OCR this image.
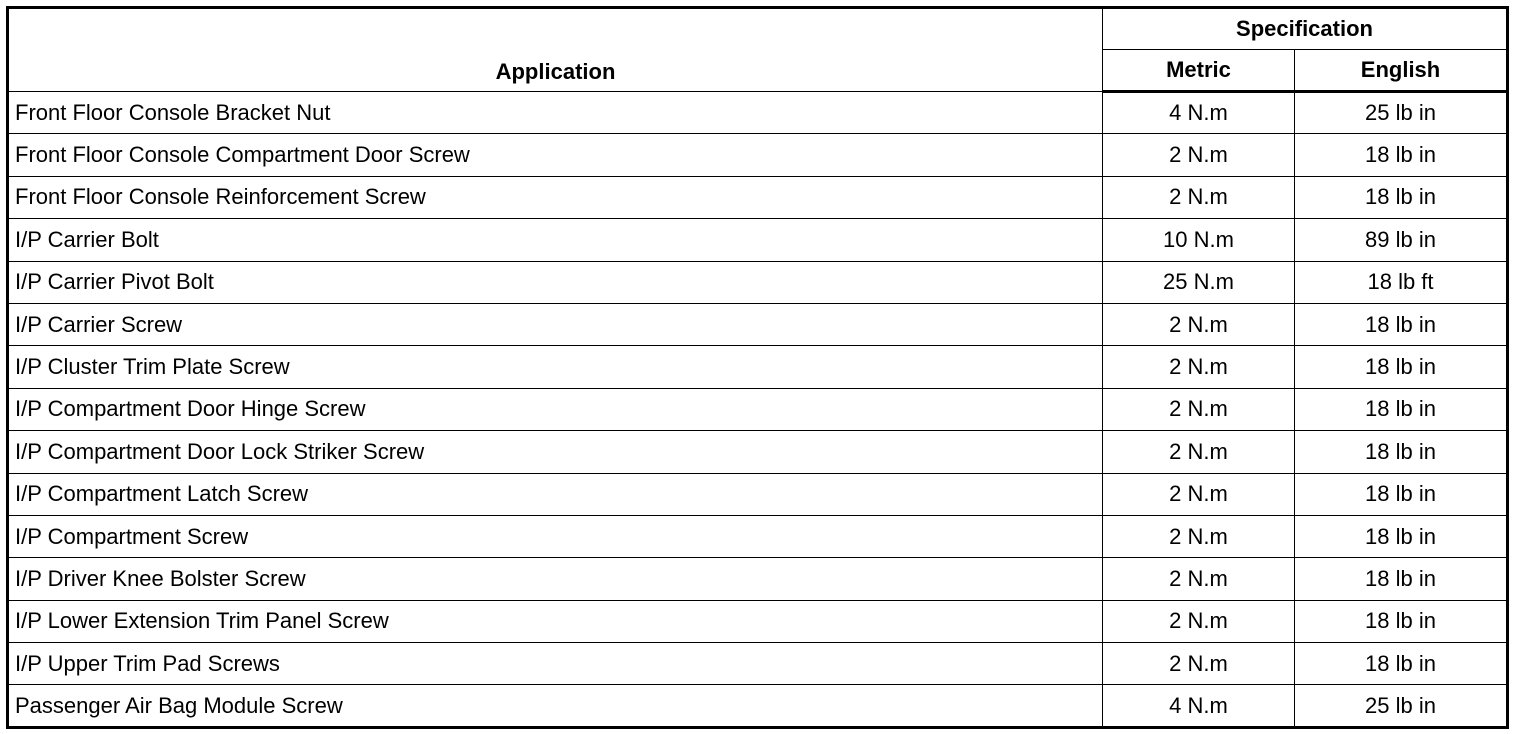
Application	Specification	
	Metric	English
Front Floor Console Bracket Nut	4 N.m	25 lb in
Front Floor Console Compartment Door Screw	2 N.m	18 lb in
Front Floor Console Reinforcement Screw	2 N.m	18 lb in
I/P Carrier Bolt	10 N.m	89 lb in
I/P Carrier Pivot Bolt	25 N.m	18 lb ft
I/P Carrier Screw	2 N.m	18 lb in
I/P Cluster Trim Plate Screw	2 N.m	18 lb in
I/P Compartment Door Hinge Screw	2 N.m	18 lb in
I/P Compartment Door Lock Striker Screw	2 N.m	18 lb in
I/P Compartment Latch Screw	2 N.m	18 lb in
I/P Compartment Screw	2 N.m	18 lb in
I/P Driver Knee Bolster Screw	2 N.m	18 lb in
I/P Lower Extension Trim Panel Screw	2 N.m	18 lb in
I/P Upper Trim Pad Screws	2 N.m	18 lb in
Passenger Air Bag Module Screw	4 N.m	25 lb in
